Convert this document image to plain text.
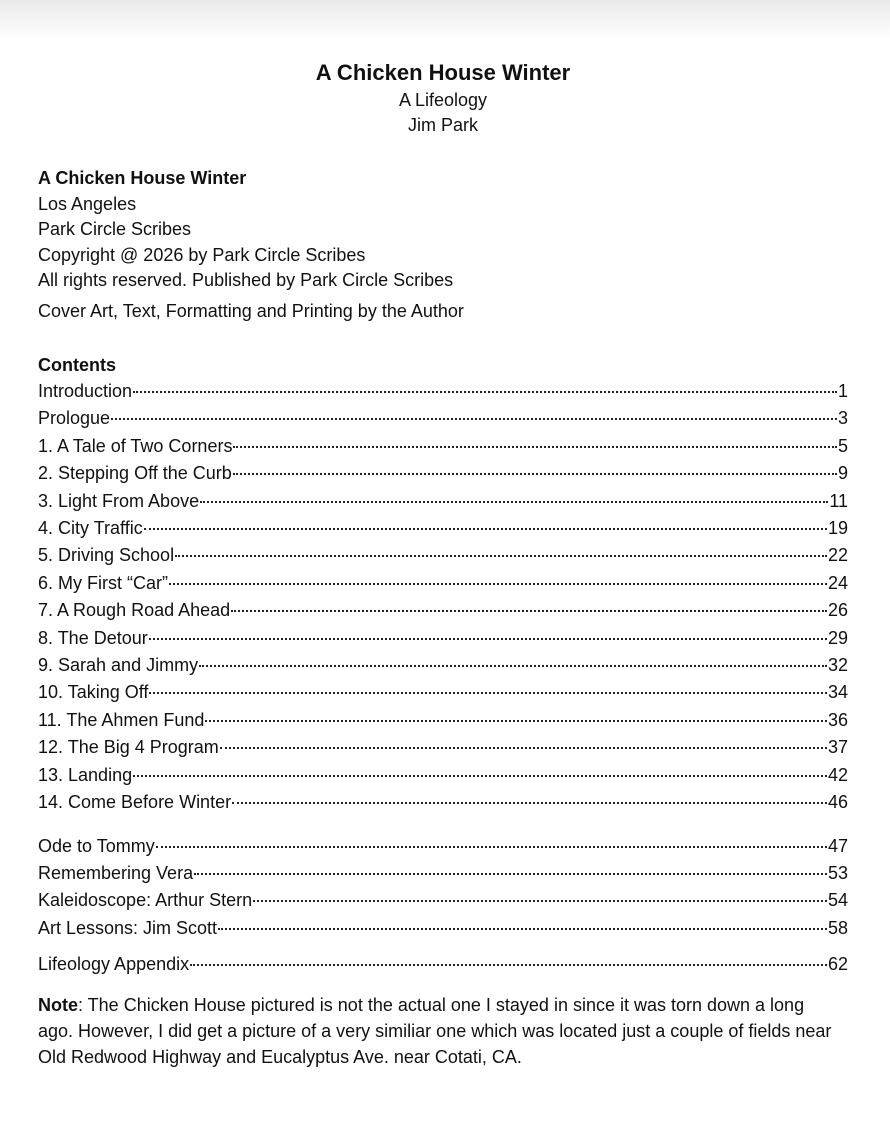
A Chicken House Winter
A Lifeology
Jim Park
A Chicken House Winter
Los Angeles
Park Circle Scribes
Copyright @ 2026 by Park Circle Scribes
All rights reserved. Published by Park Circle Scribes
Cover Art, Text, Formatting and Printing by the Author
Contents
Introduction	1
Prologue	3
1. A Tale of Two Corners	5
2. Stepping Off the Curb	9
3. Light From Above	11
4. City Traffic	19
5. Driving School	22
6. My First “Car”	24
7. A Rough Road Ahead	26
8. The Detour	29
9. Sarah and Jimmy	32
10. Taking Off	34
11. The Ahmen Fund	36
12. The Big 4 Program	37
13. Landing	42
14. Come Before Winter	46
Ode to Tommy	47
Remembering Vera	53
Kaleidoscope: Arthur Stern	54
Art Lessons: Jim Scott	58
Lifeology Appendix	62
Note: The Chicken House pictured is not the actual one I stayed in since it was torn down a long ago. However, I did get a picture of a very similiar one which was located just a couple of fields near Old Redwood Highway and Eucalyptus Ave. near Cotati, CA.
